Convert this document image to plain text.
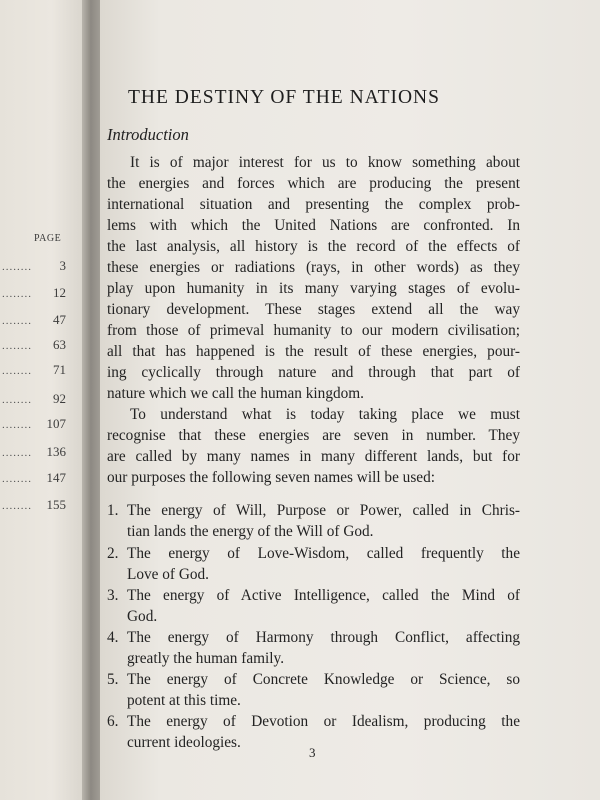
PAGE
........ 3
........ 12
........ 47
........ 63
........ 71
........ 92
........ 107
........ 136
........ 147
........ 155
THE DESTINY OF THE NATIONS
Introduction
It is of major interest for us to know something about
the energies and forces which are producing the present
international situation and presenting the complex prob-
lems with which the United Nations are confronted. In
the last analysis, all history is the record of the effects of
these energies or radiations (rays, in other words) as they
play upon humanity in its many varying stages of evolu-
tionary development. These stages extend all the way
from those of primeval humanity to our modern civilisation;
all that has happened is the result of these energies, pour-
ing cyclically through nature and through that part of
nature which we call the human kingdom.
To understand what is today taking place we must
recognise that these energies are seven in number. They
are called by many names in many different lands, but for
our purposes the following seven names will be used:
1. The energy of Will, Purpose or Power, called in Chris-
tian lands the energy of the Will of God.
2. The energy of Love-Wisdom, called frequently the
Love of God.
3. The energy of Active Intelligence, called the Mind of
God.
4. The energy of Harmony through Conflict, affecting
greatly the human family.
5. The energy of Concrete Knowledge or Science, so
potent at this time.
6. The energy of Devotion or Idealism, producing the
current ideologies.
3
